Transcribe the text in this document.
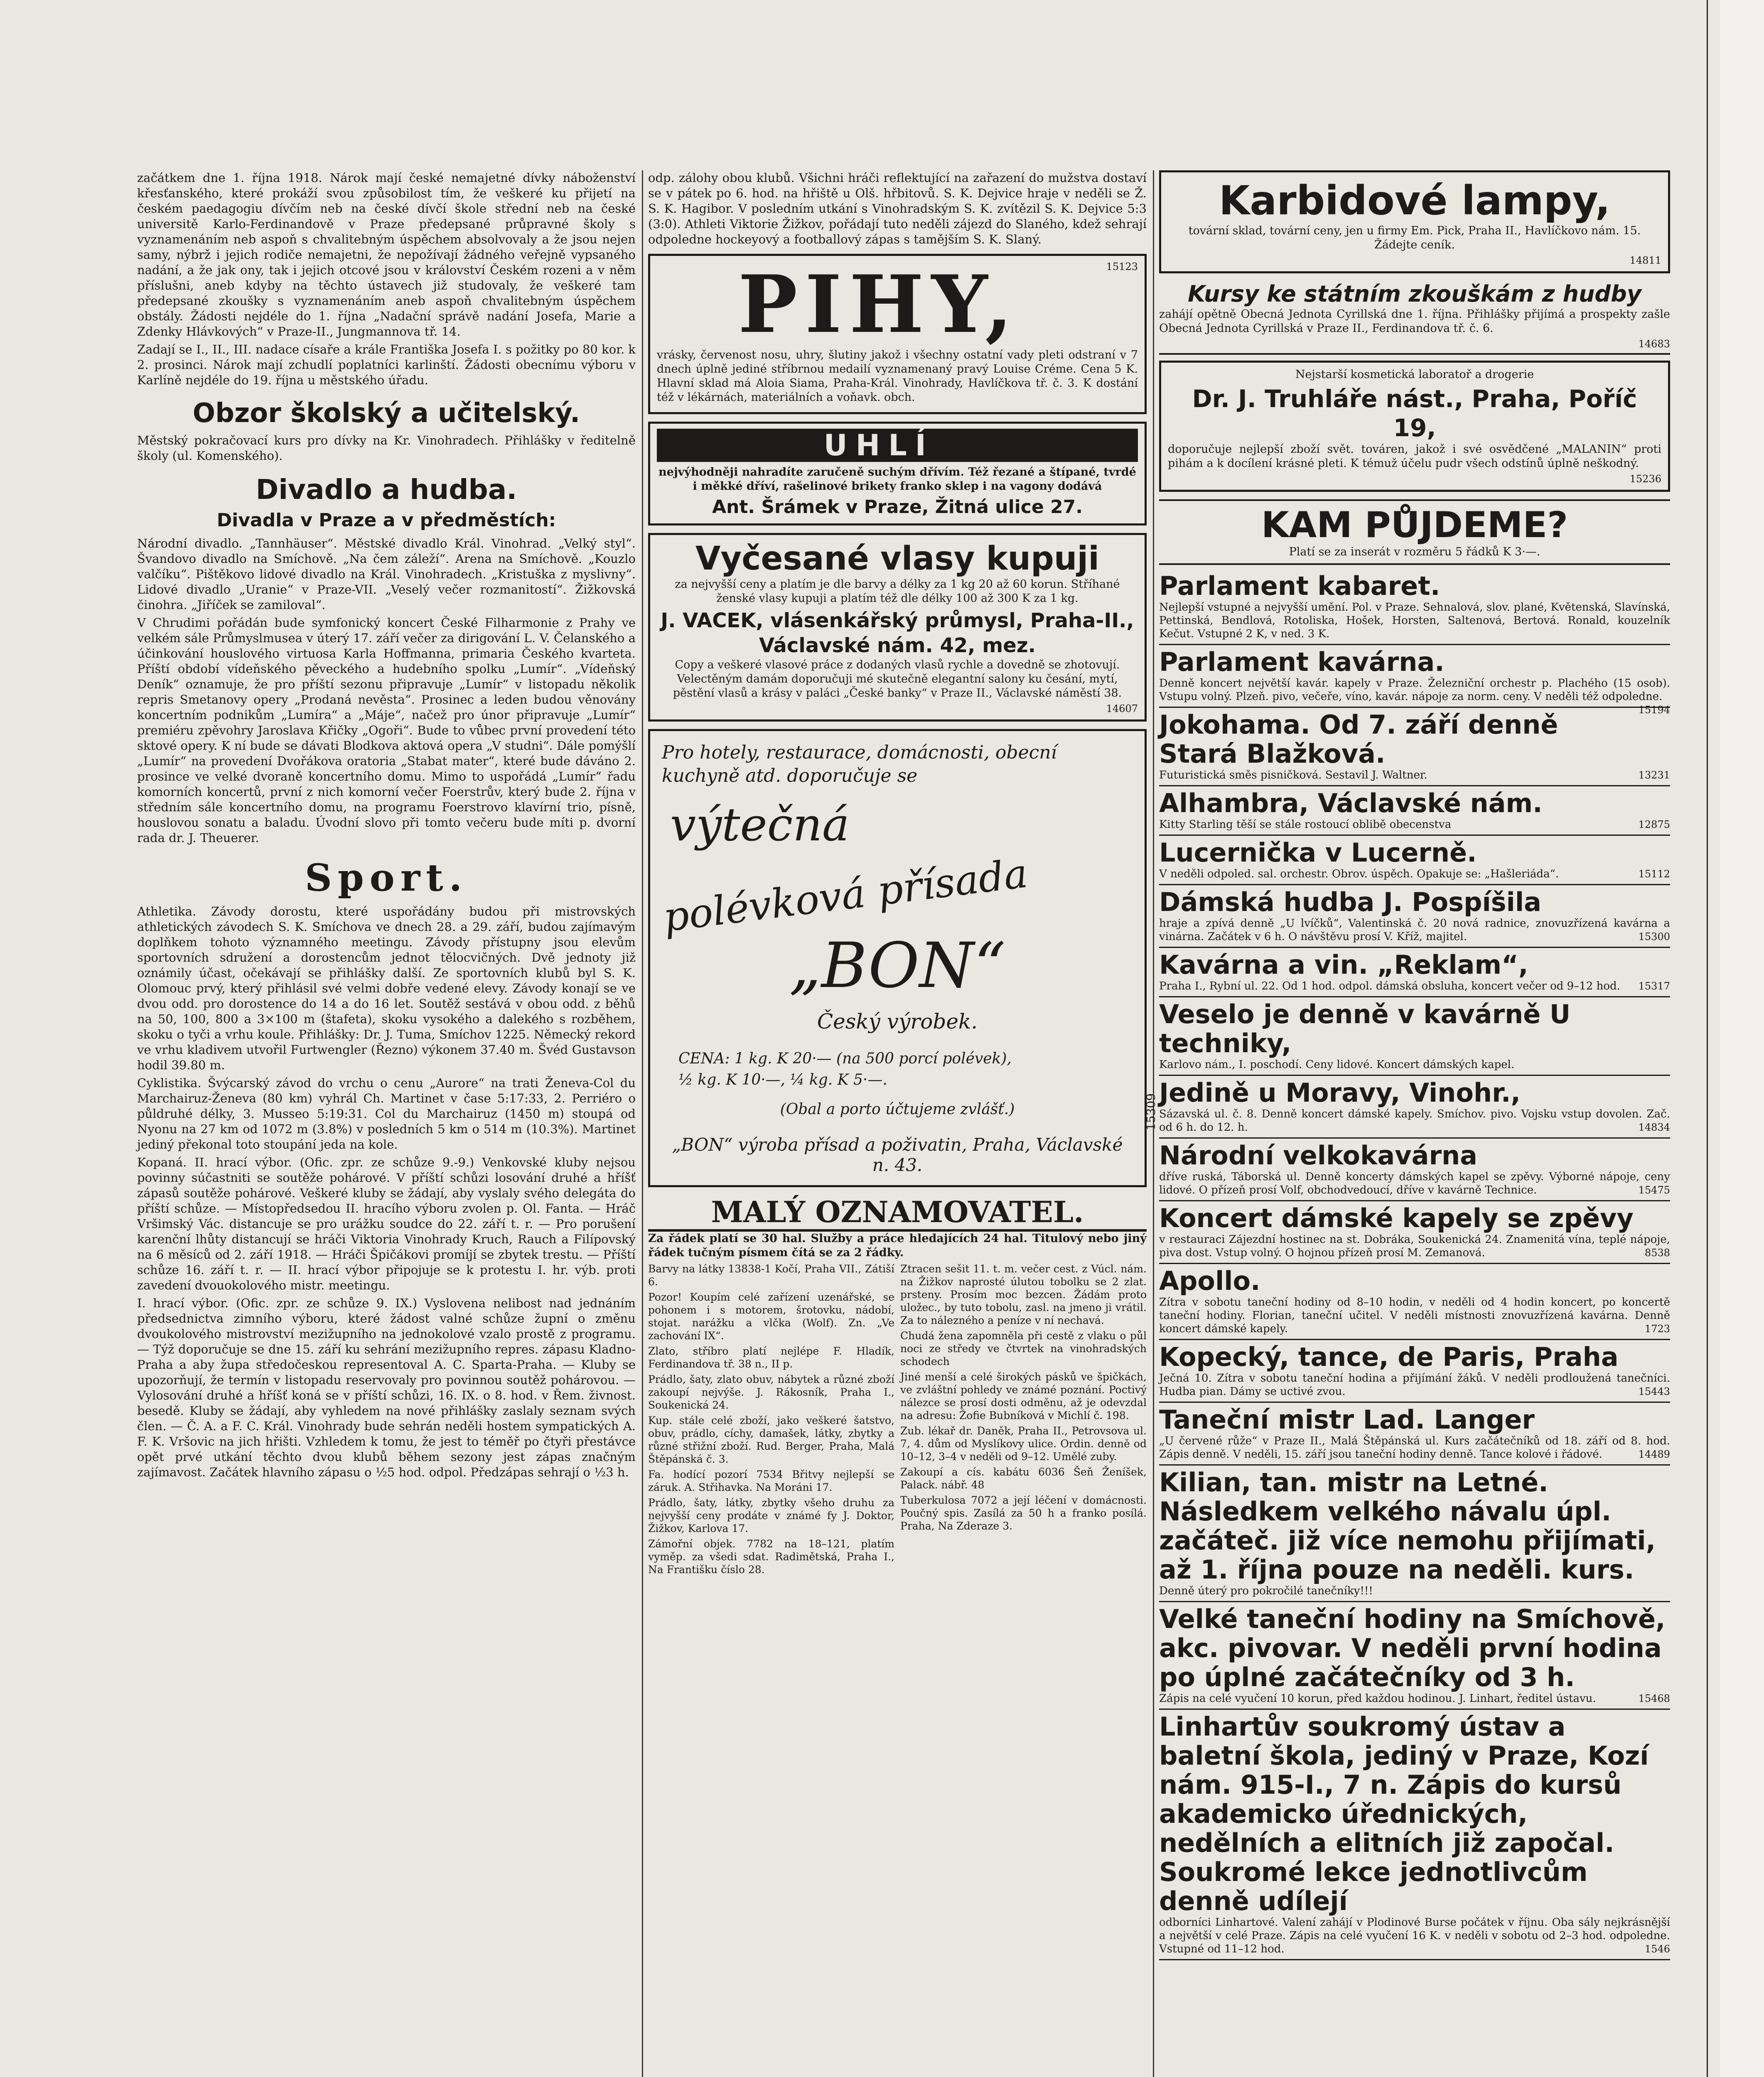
začátkem dne 1. října 1918. Nárok mají české nemajetné dívky náboženství křesťanského, které prokáží svou způsobilost tím, že veškeré ku přijetí na českém paedagogiu dívčím neb na české dívčí škole střední neb na české universitě Karlo-Ferdinandově v Praze předepsané průpravné školy s vyznamenáním neb aspoň s chvalitebným úspěchem absolvovaly a že jsou nejen samy, nýbrž i jejich rodiče nemajetni, že nepožívají žádného veřejně vypsaného nadání, a že jak ony, tak i jejich otcové jsou v království Českém rozeni a v něm příslušni, aneb kdyby na těchto ústavech již studovaly, že veškeré tam předepsané zkoušky s vyznamenáním aneb aspoň chvalitebným úspěchem obstály. Žádosti nejdéle do 1. října „Nadační správě nadání Josefa, Marie a Zdenky Hlávkových“ v Praze-II., Jungmannova tř. 14.

Zadají se I., II., III. nadace císaře a krále Františka Josefa I. s požitky po 80 kor. k 2. prosinci. Nárok mají zchudlí poplatníci karlinští. Žádosti obecnímu výboru v Karlíně nejdéle do 19. října u městského úřadu.

Obzor školský a učitelský.

Městský pokračovací kurs pro dívky na Kr. Vinohradech. Přihlášky v ředitelně školy (ul. Komenského).

Divadlo a hudba.
Divadla v Praze a v předměstích:

Národní divadlo. „Tannhäuser“. Městské divadlo Král. Vinohrad. „Velký styl“. Švandovo divadlo na Smíchově. „Na čem záleží“. Arena na Smíchově. „Kouzlo valčíku“. Pištěkovo lidové divadlo na Král. Vinohradech. „Kristuška z myslivny“. Lidové divadlo „Uranie“ v Praze-VII. „Veselý večer rozmanitostí“. Žižkovská činohra. „Jiříček se zamiloval“.

V Chrudimi pořádán bude symfonický koncert České Filharmonie z Prahy ve velkém sále Průmyslmusea v úterý 17. září večer za dirigování L. V. Čelanského a účinkování houslového virtuosa Karla Hoffmanna, primaria Českého kvarteta. Příští období vídeňského pěveckého a hudebního spolku „Lumír“. „Vídeňský Deník“ oznamuje, že pro příští sezonu připravuje „Lumír“ v listopadu několik repris Smetanovy opery „Prodaná nevěsta“. Prosinec a leden budou věnovány koncertním podnikům „Lumíra“ a „Máje“, načež pro únor připravuje „Lumír“ premiéru zpěvohry Jaroslava Křičky „Ogoři“. Bude to vůbec první provedení této sktové opery. K ní bude se dávati Blodkova aktová opera „V studni“. Dále pomýšlí „Lumír“ na provedení Dvořákova oratoria „Stabat mater“, které bude dáváno 2. prosince ve velké dvoraně koncertního domu. Mimo to uspořádá „Lumír“ řadu komorních koncertů, první z nich komorní večer Foerstrův, který bude 2. října v středním sále koncertního domu, na programu Foerstrovo klavírní trio, písně, houslovou sonatu a baladu. Úvodní slovo při tomto večeru bude míti p. dvorní rada dr. J. Theuerer.

Sport.

Athletika. Závody dorostu, které uspořádány budou při mistrovských athletických závodech S. K. Smíchova ve dnech 28. a 29. září, budou zajímavým doplňkem tohoto významného meetingu. Závody přístupny jsou elevům sportovních sdružení a dorostencům jednot tělocvičných. Dvě jednoty již oznámily účast, očekávají se přihlášky další. Ze sportovních klubů byl S. K. Olomouc prvý, který přihlásil své velmi dobře vedené elevy. Závody konají se ve dvou odd. pro dorostence do 14 a do 16 let. Soutěž sestává v obou odd. z běhů na 50, 100, 800 a 3×100 m (štafeta), skoku vysokého a dalekého s rozběhem, skoku o tyči a vrhu koule. Přihlášky: Dr. J. Tuma, Smíchov 1225. Německý rekord ve vrhu kladivem utvořil Furtwengler (Řezno) výkonem 37.40 m. Švéd Gustavson hodil 39.80 m.

Cyklistika. Švýcarský závod do vrchu o cenu „Aurore“ na trati Ženeva-Col du Marchairuz-Ženeva (80 km) vyhrál Ch. Martinet v čase 5:17:33, 2. Perriéro o půldruhé délky, 3. Musseo 5:19:31. Col du Marchairuz (1450 m) stoupá od Nyonu na 27 km od 1072 m (3.8%) v posledních 5 km o 514 m (10.3%). Martinet jediný překonal toto stoupání jeda na kole.

Kopaná. II. hrací výbor. (Ofic. zpr. ze schůze 9.-9.) Venkovské kluby nejsou povinny súčastniti se soutěže pohárové. V příští schůzi losování druhé a hříšť zápasů soutěže pohárové. Veškeré kluby se žádají, aby vyslaly svého delegáta do příští schůze. — Místopředsedou II. hracího výboru zvolen p. Ol. Fanta. — Hráč Vršimský Vác. distancuje se pro urážku soudce do 22. září t. r. — Pro porušení karenční lhůty distancují se hráči Viktoria Vinohrady Kruch, Rauch a Filípovský na 6 měsíců od 2. září 1918. — Hráči Špičákovi promíjí se zbytek trestu. — Příští schůze 16. září t. r. — II. hrací výbor připojuje se k protestu I. hr. výb. proti zavedení dvouokolového mistr. meetingu.

I. hrací výbor. (Ofic. zpr. ze schůze 9. IX.) Vyslovena nelibost nad jednáním předsednictva zimního výboru, které žádost valné schůze župní o změnu dvoukolového mistrovství mezižupního na jednokolové vzalo prostě z programu. — Týž doporučuje se dne 15. září ku sehrání mezižupního repres. zápasu Kladno-Praha a aby župa středočeskou representoval A. C. Sparta-Praha. — Kluby se upozorňují, že termín v listopadu reservovaly pro povinnou soutěž pohárovou. — Vylosování druhé a hříšť koná se v příští schůzi, 16. IX. o 8. hod. v Řem. živnost. besedě. Kluby se žádají, aby vyhledem na nové přihlášky zaslaly seznam svých člen. — Č. A. a F. C. Král. Vinohrady bude sehrán neděli hostem sympatických A. F. K. Vršovic na jich hřišti. Vzhledem k tomu, že jest to téměř po čtyři přestávce opět prvé utkání těchto dvou klubů během sezony jest zápas značným zajímavost. Začátek hlavního zápasu o ½5 hod. odpol. Předzápas sehrají o ½3 h.

odp. zálohy obou klubů. Všichni hráči reflektující na zařazení do mužstva dostaví se v pátek po 6. hod. na hřiště u Olš. hřbitovů. S. K. Dejvice hraje v neděli se Ž. S. K. Hagibor. V posledním utkání s Vinohradským S. K. zvítězil S. K. Dejvice 5:3 (3:0). Athleti Viktorie Žižkov, pořádají tuto neděli zájezd do Slaného, kdež sehrají odpoledne hockeyový a footballový zápas s tamějším S. K. Slaný.

15123
PIHY,

vrásky, červenost nosu, uhry, šlutiny jakož i všechny ostatní vady pleti odstraní v 7 dnech úplně jediné stříbrnou medailí vyznamenaný pravý Louise Créme. Cena 5 K. Hlavní sklad má Aloia Siama, Praha-Král. Vinohrady, Havlíčkova tř. č. 3. K dostání též v lékárnách, materiálních a voňavk. obch.

15191
UHLÍ

nejvýhodněji nahradíte zaručeně suchým dřívím. Též řezané a štípané, tvrdé i měkké dříví, rašelinové brikety franko sklep i na vagony dodává

Ant. Šrámek v Praze, Žitná ulice 27.
Vyčesané vlasy kupuji

za nejvyšší ceny a platím je dle barvy a délky za 1 kg 20 až 60 korun. Stříhané ženské vlasy kupuji a platím též dle délky 100 až 300 K za 1 kg.

J. VACEK, vlásenkářský průmysl, Praha-II., Václavské nám. 42, mez.

Copy a veškeré vlasové práce z dodaných vlasů rychle a dovedně se zhotovují. Velectěným damám doporučuji mé skutečně elegantní salony ku česání, mytí, pěstění vlasů a krásy v paláci „České banky“ v Praze II., Václavské náměstí 38.

14607

Pro hotely, restaurace, domácnosti, obecní kuchyně atd. doporučuje se

výtečná
polévková přísada
„BON“
Český výrobek.
CENA: 1 kg. K 20·— (na 500 porcí polévek),
½ kg. K 10·—, ¼ kg. K 5·—.
(Obal a porto účtujeme zvlášť.)
„BON“ výroba přísad a poživatin, Praha, Václavské n. 43.
15309
MALÝ OZNAMOVATEL.

Za řádek platí se 30 hal. Služby a práce hledajících 24 hal. Titulový nebo jiný řádek tučným písmem čítá se za 2 řádky.

Barvy na látky 13838-1 Kočí, Praha VII., Zátiší 6.

Pozor! Koupím celé zařízení uzenářské, se pohonem i s motorem, šrotovku, nádobí, stojat. narážku a vlčka (Wolf). Zn. „Ve zachování IX“.

Zlato, stříbro platí nejlépe F. Hladík, Ferdinandova tř. 38 n., II p.

Prádlo, šaty, zlato obuv, nábytek a různé zboží zakoupí nejvýše. J. Rákosník, Praha I., Soukenická 24.

Kup. stále celé zboží, jako veškeré šatstvo, obuv, prádlo, cíchy, damašek, látky, zbytky a různé střižní zboží. Rud. Berger, Praha, Malá Štěpánská č. 3.

Fa. hodící pozorí 7534 Břitvy nejlepší se záruk. A. Střihavka. Na Moráni 17.

Prádlo, šaty, látky, zbytky všeho druhu za nejvyšší ceny prodáte v známé fy J. Doktor, Žižkov, Karlova 17.

Zámořní objek. 7782 na 18–121, platím vyměp. za všedi sdat. Radimětská, Praha I., Na Františku číslo 28.

Ztracen sešit 11. t. m. večer cest. z Vúcl. nám. na Žižkov naprosté úlutou tobolku se 2 zlat. prsteny. Prosím moc bezcen. Žádám proto uložec., by tuto tobolu, zasl. na jmeno ji vrátil. Za to nálezného a peníze v ní nechavá.

Chudá žena zapomněla při cestě z vlaku o půl noci ze středy ve čtvrtek na vinohradských schodech

Jiné menší a celé širokých pásků ve špičkách, ve zvláštní pohledy ve známé poznání. Poctivý nálezce se prosí dosti odměnu, až je odevzdal na adresu: Žofie Bubníková v Michlí č. 198.

Zub. lékař dr. Daněk, Praha II., Petrovsova ul. 7, 4. dům od Myslíkovy ulice. Ordin. denně od 10–12, 3–4 v neděli od 9–12. Umělé zuby.

Zakoupí a cís. kabátu 6036 Šeň Ženíšek, Palack. nábř. 48

Tuberkulosa 7072 a její léčení v domácnosti. Poučný spis. Zasílá za 50 h a franko posílá. Praha, Na Zderaze 3.

Karbidové lampy,

tovární sklad, tovární ceny, jen u firmy Em. Pick, Praha II., Havlíčkovo nám. 15. Žádejte ceník.

14811
Kursy ke státním zkouškám z hudby

zahájí opětně Obecná Jednota Cyrillská dne 1. října. Přihlášky přijímá a prospekty zašle Obecná Jednota Cyrillská v Praze II., Ferdinandova tř. č. 6.

14683

Nejstarší kosmetická laboratoř a drogerie

Dr. J. Truhláře nást., Praha, Poříč 19,

doporučuje nejlepší zboží svět. továren, jakož i své osvědčené „MALANIN“ proti pihám a k docílení krásné pleti. K témuž účelu pudr všech odstínů úplně neškodný.

15236
KAM PŮJDEME?

Platí se za inserát v rozměru 5 řádků K 3·—.

Parlament kabaret.

Nejlepší vstupné a nejvyšší umění. Pol. v Praze. Sehnalová, slov. plané, Květenská, Slavínská, Pettinská, Bendlová, Rotoliska, Hošek, Horsten, Saltenová, Bertová. Ronald, kouzelník Kečut. Vstupné 2 K, v ned. 3 K.

Parlament kavárna.

Denně koncert největší kavár. kapely v Praze. Železniční orchestr p. Plachého (15 osob). Vstupu volný. Plzeň. pivo, večeře, víno, kavár. nápoje za norm. ceny. V neděli též odpoledne.
15194

Jokohama. Od 7. září denně Stará Blažková.

Futuristická směs pisničková. Sestavil J. Waltner.	13231

Alhambra, Václavské nám.

Kitty Starling těší se stále rostoucí oblibě obecenstva	12875

Lucernička v Lucerně.

V neděli odpoled. sal. orchestr. Obrov. úspěch. Opakuje se: „Hašleriáda“.	15112

Dámská hudba J. Pospíšila

hraje a zpívá denně „U lvíčků“, Valentinská č. 20 nová radnice, znovuzřízená kavárna a vinárna. Začátek v 6 h. O návštěvu prosí V. Kříž, majitel.	15300

Kavárna a vin. „Reklam“,

Praha I., Rybní ul. 22. Od 1 hod. odpol. dámská obsluha, koncert večer od 9–12 hod. 15317

Veselo je denně v kavárně U techniky,

Karlovo nám., I. poschodí. Ceny lidové. Koncert dámských kapel.

Jedině u Moravy, Vinohr.,

Sázavská ul. č. 8. Denně koncert dámské kapely. Smíchov. pivo. Vojsku vstup dovolen. Zač. od 6 h. do 12. h.	14834

Národní velkokavárna

dříve ruská, Táborská ul. Denně koncerty dámských kapel se zpěvy. Výborné nápoje, ceny lidové. O přízeň prosí Volf, obchodvedoucí, dříve v kavárně Technice.	15475

Koncert dámské kapely se zpěvy

v restauraci Zájezdní hostinec na st. Dobráka, Soukenická 24. Znamenitá vína, teplé nápoje, piva dost. Vstup volný. O hojnou přízeň prosí M. Zemanová.	8538

Apollo.

Zítra v sobotu taneční hodiny od 8–10 hodin, v neděli od 4 hodin koncert, po koncertě taneční hodiny. Florian, taneční učitel. V neděli místnosti znovuzřízená kavárna. Denně koncert dámské kapely.	1723

Kopecký, tance, de Paris, Praha

Ječná 10. Zítra v sobotu taneční hodina a přijímání žáků. V neděli prodloužená tanečníci. Hudba pian. Dámy se uctivé zvou.	15443

Taneční mistr Lad. Langer

„U červené růže“ v Praze II., Malá Štěpánská ul. Kurs začátečníků od 18. září od 8. hod. Zápis denně. V neděli, 15. září jsou taneční hodiny denně. Tance kolové i řádové.	14489

Kilian, tan. mistr na Letné. Následkem velkého návalu úpl. začáteč. již více nemohu přijímati, až 1. října pouze na neděli. kurs.

Denně úterý pro pokročilé tanečníky!!!

Velké taneční hodiny na Smíchově, akc. pivovar. V neděli první hodina po úplné začátečníky od 3 h.

Zápis na celé vyučení 10 korun, před každou hodinou. J. Linhart, ředitel ústavu.	15468

Linhartův soukromý ústav a baletní škola, jediný v Praze, Kozí nám. 915-I., 7 n. Zápis do kursů akademicko úřednických, nedělních a elitních již započal. Soukromé lekce jednotlivcům denně udílejí

odborníci Linhartové. Valení zahájí v Plodinové Burse počátek v říjnu. Oba sály nejkrásnější a největší v celé Praze. Zápis na celé vyučení 16 K. v neděli v sobotu od 2–3 hod. odpoledne. Vstupné od 11–12 hod.	1546
